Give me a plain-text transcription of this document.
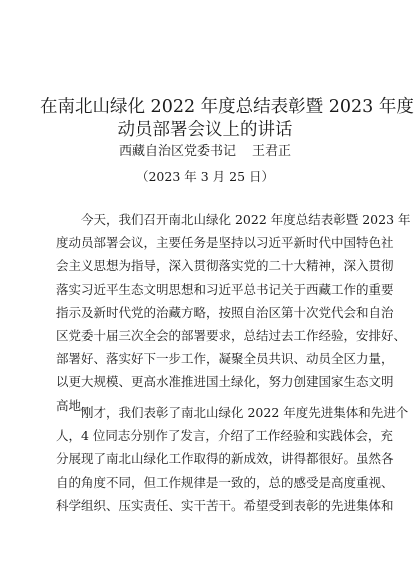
在南北山绿化 2022 年度总结表彰暨 2023 年度
动员部署会议上的讲话
西藏自治区党委书记 王君正
（2023 年 3 月 25 日）
今天，我们召开南北山绿化 2022 年度总结表彰暨 2023 年
度动员部署会议，主要任务是坚持以习近平新时代中国特色社
会主义思想为指导，深入贯彻落实党的二十大精神，深入贯彻
落实习近平生态文明思想和习近平总书记关于西藏工作的重要
指示及新时代党的治藏方略，按照自治区第十次党代会和自治
区党委十届三次全会的部署要求，总结过去工作经验，安排好、
部署好、落实好下一步工作，凝聚全员共识、动员全区力量，
以更大规模、更高水准推进国土绿化，努力创建国家生态文明
高地。
刚才，我们表彰了南北山绿化 2022 年度先进集体和先进个
人，4 位同志分别作了发言，介绍了工作经验和实践体会，充
分展现了南北山绿化工作取得的新成效，讲得都很好。虽然各
自的角度不同，但工作规律是一致的，总的感受是高度重视、
科学组织、压实责任、实干苦干。希望受到表彰的先进集体和
